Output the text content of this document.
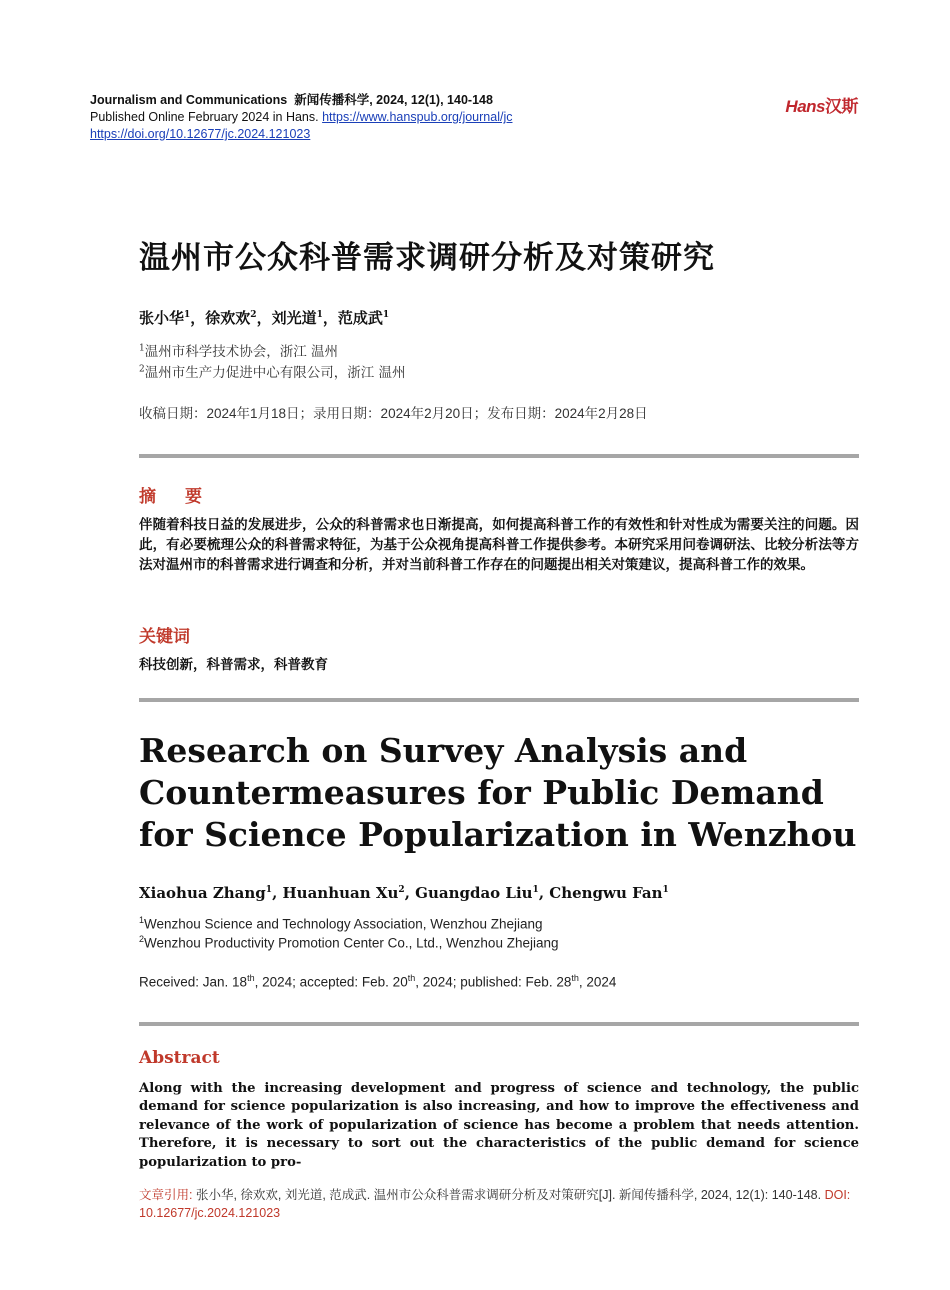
Journalism and Communications 新闻传播科学, 2024, 12(1), 140-148
Published Online February 2024 in Hans. https://www.hanspub.org/journal/jc
https://doi.org/10.12677/jc.2024.121023
Hans汉斯
温州市公众科普需求调研分析及对策研究
张小华$^1$，徐欢欢$^2$，刘光道$^1$，范成武$^1$
$^1$温州市科学技术协会，浙江 温州
$^2$温州市生产力促进中心有限公司，浙江 温州
收稿日期：2024年1月18日；录用日期：2024年2月20日；发布日期：2024年2月28日
摘　要
伴随着科技日益的发展进步，公众的科普需求也日渐提高，如何提高科普工作的有效性和针对性成为需要关注的问题。因此，有必要梳理公众的科普需求特征，为基于公众视角提高科普工作提供参考。本研究采用问卷调研法、比较分析法等方法对温州市的科普需求进行调查和分析，并对当前科普工作存在的问题提出相关对策建议，提高科普工作的效果。
关键词
科技创新，科普需求，科普教育
Research on Survey Analysis and
Countermeasures for Public Demand
for Science Popularization in Wenzhou
Xiaohua Zhang$^1$, Huanhuan Xu$^2$, Guangdao Liu$^1$, Chengwu Fan$^1$
$^1$Wenzhou Science and Technology Association, Wenzhou Zhejiang
$^2$Wenzhou Productivity Promotion Center Co., Ltd., Wenzhou Zhejiang
Received: Jan. 18th, 2024; accepted: Feb. 20th, 2024; published: Feb. 28th, 2024
Abstract
Along with the increasing development and progress of science and technology, the public demand for science popularization is also increasing, and how to improve the effectiveness and relevance of the work of popularization of science has become a problem that needs attention. Therefore, it is necessary to sort out the characteristics of the public demand for science popularization to pro-
文章引用: 张小华, 徐欢欢, 刘光道, 范成武. 温州市公众科普需求调研分析及对策研究[J]. 新闻传播科学, 2024, 12(1): 140-148. DOI: 10.12677/jc.2024.121023
